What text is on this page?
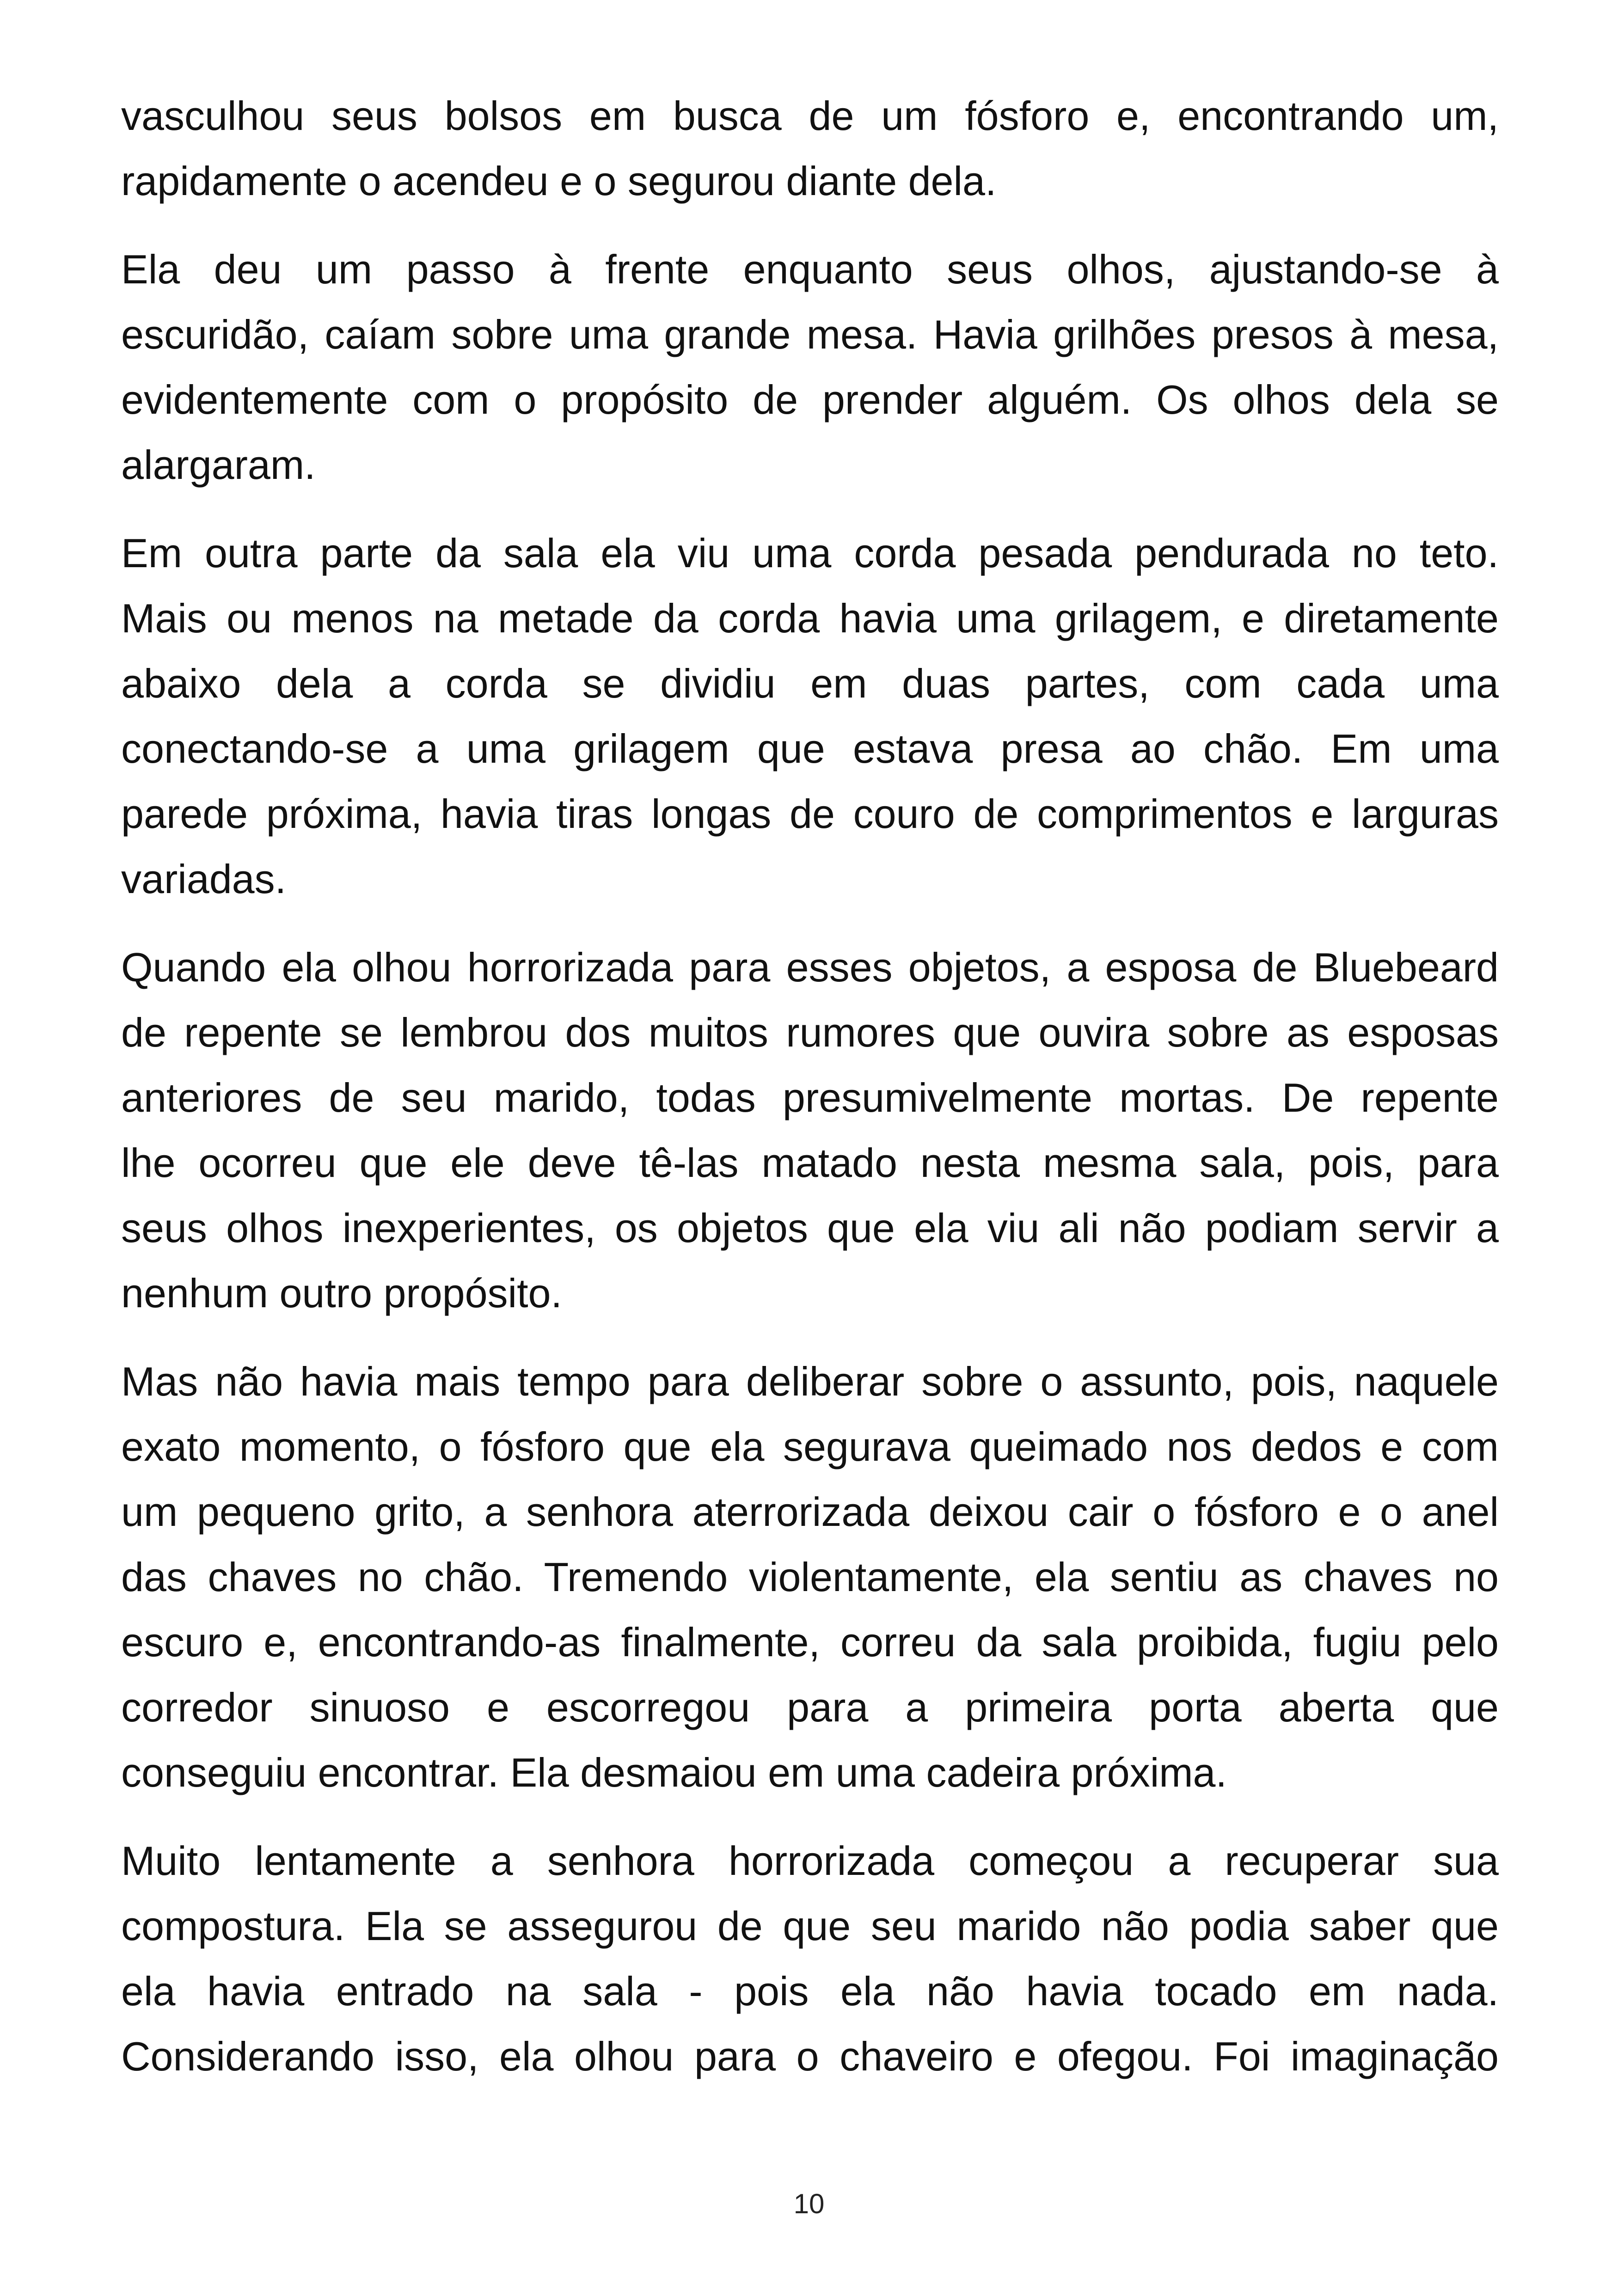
vasculhou seus bolsos em busca de um fósforo e, encontrando um,
rapidamente o acendeu e o segurou diante dela.

Ela deu um passo à frente enquanto seus olhos, ajustando-se à
escuridão, caíam sobre uma grande mesa. Havia grilhões presos à mesa,
evidentemente com o propósito de prender alguém. Os olhos dela se
alargaram.

Em outra parte da sala ela viu uma corda pesada pendurada no teto.
Mais ou menos na metade da corda havia uma grilagem, e diretamente
abaixo dela a corda se dividiu em duas partes, com cada uma
conectando-se a uma grilagem que estava presa ao chão. Em uma
parede próxima, havia tiras longas de couro de comprimentos e larguras
variadas.

Quando ela olhou horrorizada para esses objetos, a esposa de Bluebeard
de repente se lembrou dos muitos rumores que ouvira sobre as esposas
anteriores de seu marido, todas presumivelmente mortas. De repente
lhe ocorreu que ele deve tê-las matado nesta mesma sala, pois, para
seus olhos inexperientes, os objetos que ela viu ali não podiam servir a
nenhum outro propósito.

Mas não havia mais tempo para deliberar sobre o assunto, pois, naquele
exato momento, o fósforo que ela segurava queimado nos dedos e com
um pequeno grito, a senhora aterrorizada deixou cair o fósforo e o anel
das chaves no chão. Tremendo violentamente, ela sentiu as chaves no
escuro e, encontrando-as finalmente, correu da sala proibida, fugiu pelo
corredor sinuoso e escorregou para a primeira porta aberta que
conseguiu encontrar. Ela desmaiou em uma cadeira próxima.

Muito lentamente a senhora horrorizada começou a recuperar sua
compostura. Ela se assegurou de que seu marido não podia saber que
ela havia entrado na sala - pois ela não havia tocado em nada.
Considerando isso, ela olhou para o chaveiro e ofegou. Foi imaginação

10
